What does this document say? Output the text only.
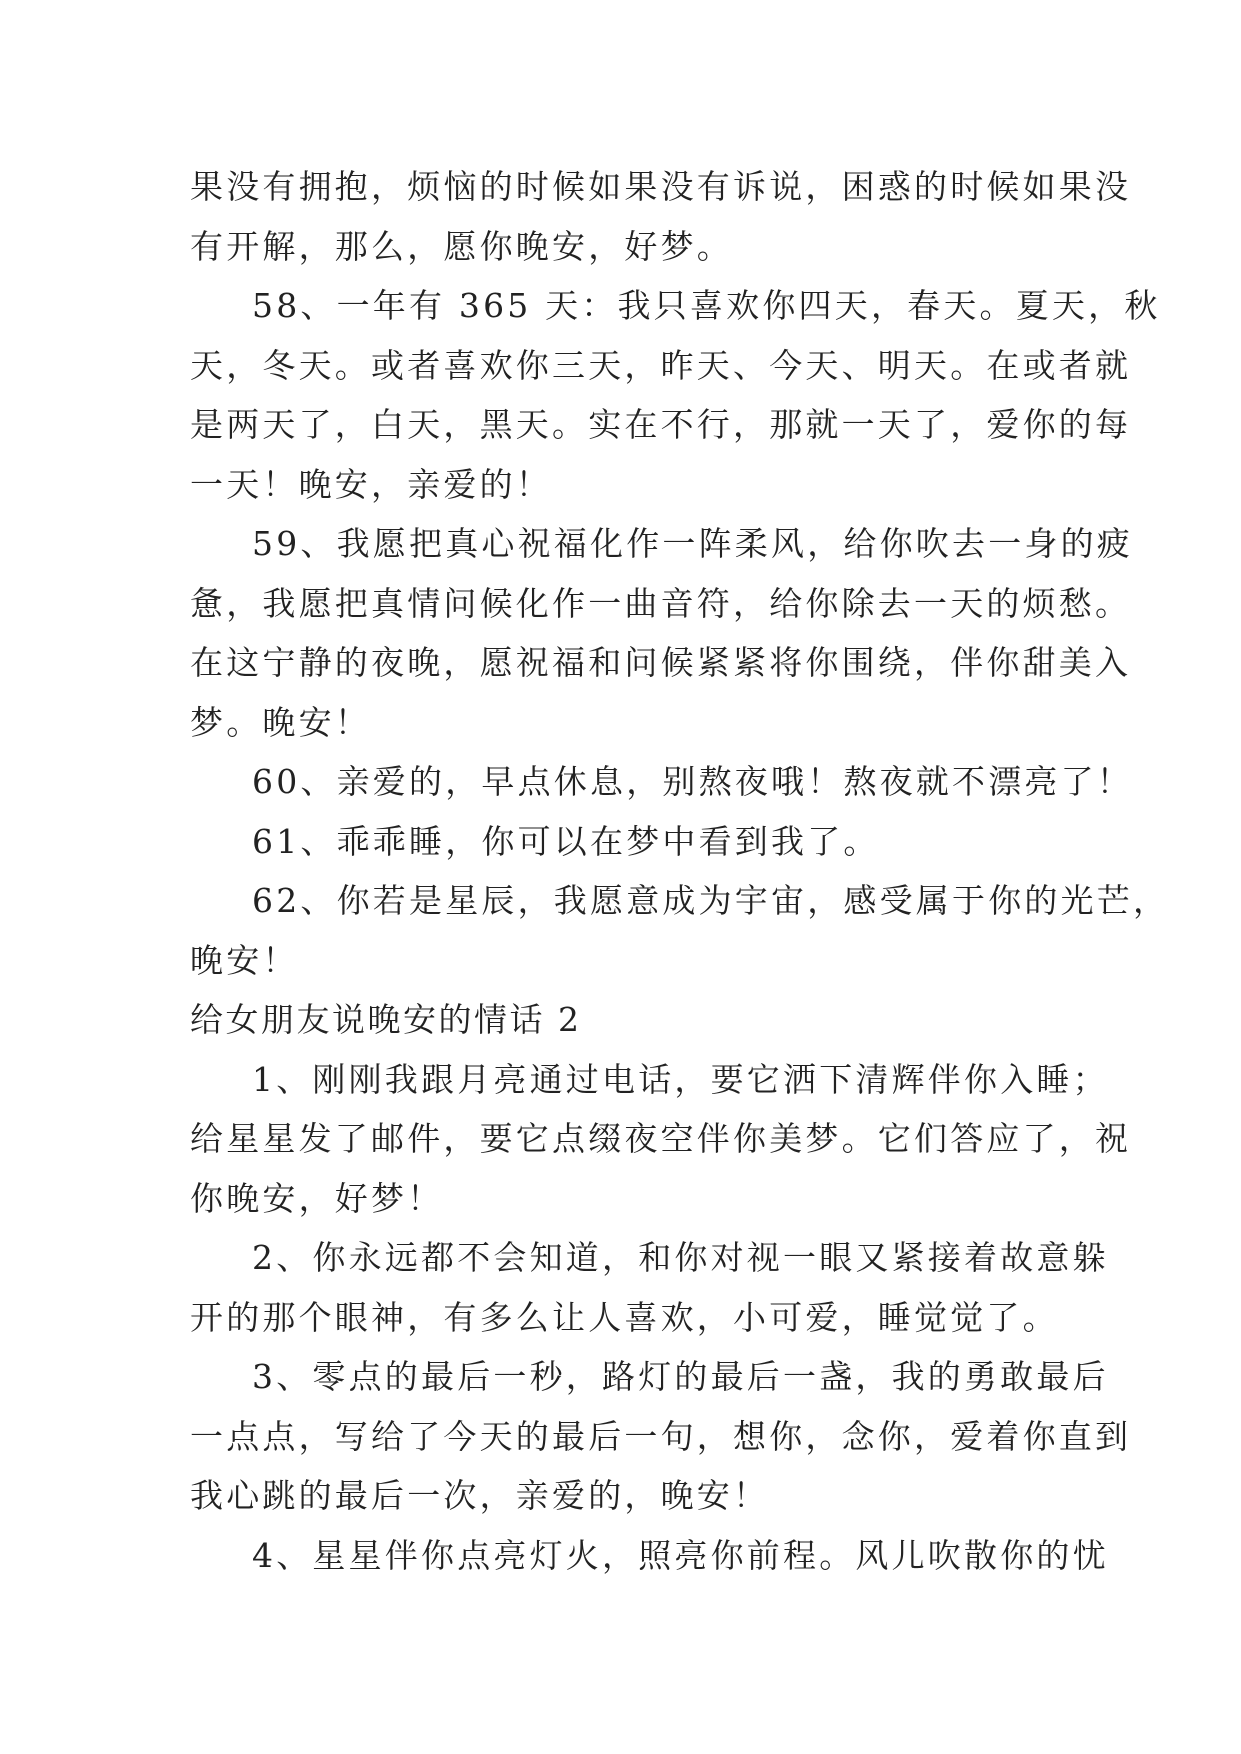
果没有拥抱，烦恼的时候如果没有诉说，困惑的时候如果没
有开解，那么，愿你晚安，好梦。
58、一年有 365 天：我只喜欢你四天，春天。夏天，秋
天，冬天。或者喜欢你三天，昨天、今天、明天。在或者就
是两天了，白天，黑天。实在不行，那就一天了，爱你的每
一天！晚安，亲爱的！
59、我愿把真心祝福化作一阵柔风，给你吹去一身的疲
惫，我愿把真情问候化作一曲音符，给你除去一天的烦愁。
在这宁静的夜晚，愿祝福和问候紧紧将你围绕，伴你甜美入
梦。晚安！
60、亲爱的，早点休息，别熬夜哦！熬夜就不漂亮了！
61、乖乖睡，你可以在梦中看到我了。
62、你若是星辰，我愿意成为宇宙，感受属于你的光芒，
晚安！
给女朋友说晚安的情话 2
1、刚刚我跟月亮通过电话，要它洒下清辉伴你入睡；
给星星发了邮件，要它点缀夜空伴你美梦。它们答应了，祝
你晚安，好梦！
2、你永远都不会知道，和你对视一眼又紧接着故意躲
开的那个眼神，有多么让人喜欢，小可爱，睡觉觉了。
3、零点的最后一秒，路灯的最后一盏，我的勇敢最后
一点点，写给了今天的最后一句，想你，念你，爱着你直到
我心跳的最后一次，亲爱的，晚安！
4、星星伴你点亮灯火，照亮你前程。风儿吹散你的忧
